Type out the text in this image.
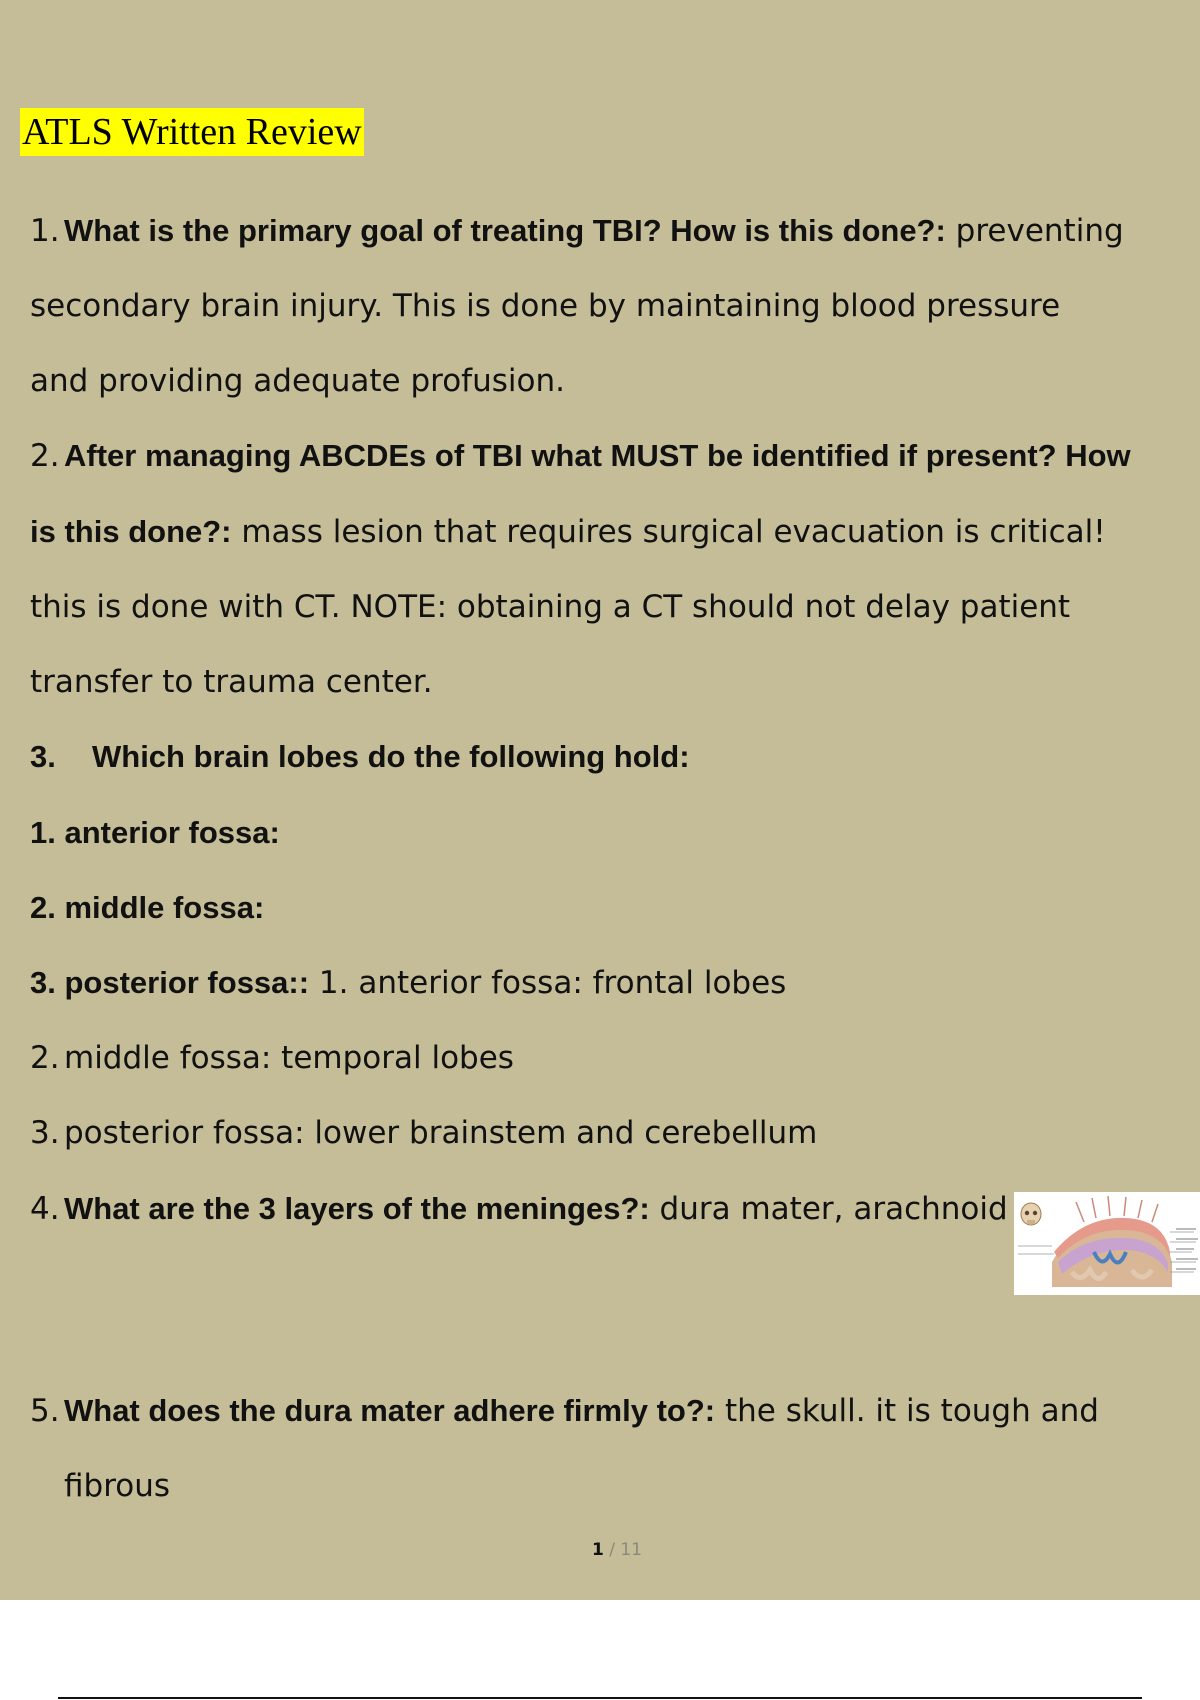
ATLS Written Review
1. What is the primary goal of treating TBI? How is this done?: preventing
secondary brain injury. This is done by maintaining blood pressure
and providing adequate profusion.
2. After managing ABCDEs of TBI what MUST be identified if present? How
is this done?: mass lesion that requires surgical evacuation is critical!
this is done with CT. NOTE: obtaining a CT should not delay patient
transfer to trauma center.
3. Which brain lobes do the following hold:
1. anterior fossa:
2. middle fossa:
3. posterior fossa:: 1. anterior fossa: frontal lobes
2. middle fossa: temporal lobes
3. posterior fossa: lower brainstem and cerebellum
4. What are the 3 layers of the meninges?: dura mater, arachnoid
5. What does the dura mater adhere firmly to?: the skull. it is tough and
fibrous
1 / 11
